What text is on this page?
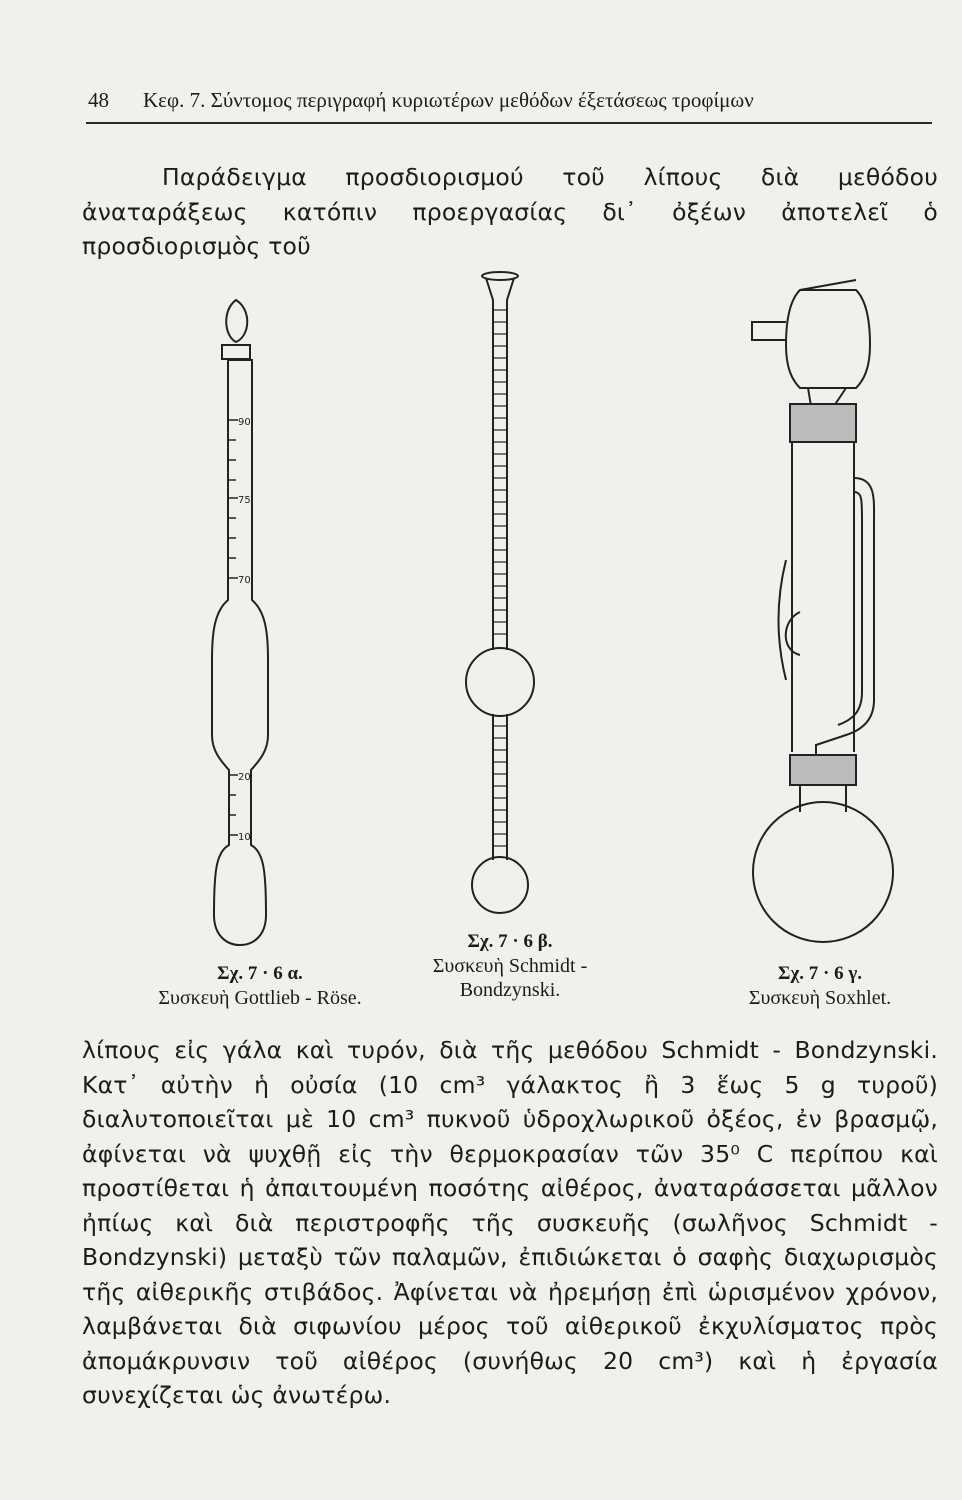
48 Κεφ. 7. Σύντομος περιγραφή κυριωτέρων μεθόδων έξετάσεως τροφίμων

Παράδειγμα προσδιορισμού τοῦ λίπους διὰ μεθόδου ἀναταράξεως κατόπιν προεργασίας δι᾽ ὀξέων ἀποτελεῖ ὁ προσδιορισμὸς τοῦ

90
75
70
20
10
Σχ. 7 · 6 α.
Συσκευὴ Gottlieb - Röse.
Σχ. 7 · 6 β.
Συσκευὴ Schmidt -
Bondzynski.
Σχ. 7 · 6 γ.
Συσκευὴ Soxhlet.

λίπους εἰς γάλα καὶ τυρόν, διὰ τῆς μεθόδου Schmidt - Bondzynski. Κατ᾽ αὐτὴν ἡ οὐσία (10 cm³ γάλακτος ἢ 3 ἕως 5 g τυροῦ) διαλυτοποιεῖται μὲ 10 cm³ πυκνοῦ ὑδροχλωρικοῦ ὀξέος, ἐν βρασμῷ, ἀφίνεται νὰ ψυχθῇ εἰς τὴν θερμοκρασίαν τῶν 35⁰ C περίπου καὶ προστίθεται ἡ ἀπαιτουμένη ποσότης αἰθέρος, ἀναταράσσεται μᾶλλον ἠπίως καὶ διὰ περιστροφῆς τῆς συσκευῆς (σωλῆνος Schmidt - Bondzynski) μεταξὺ τῶν παλαμῶν, ἐπιδιώκεται ὁ σαφὴς διαχωρισμὸς τῆς αἰθερικῆς στιβάδος. Ἀφίνεται νὰ ἠρεμήσῃ ἐπὶ ὡρισμένον χρόνον, λαμβάνεται διὰ σιφωνίου μέρος τοῦ αἰθερικοῦ ἐκχυλίσματος πρὸς ἀπομάκρυνσιν τοῦ αἰθέρος (συνήθως 20 cm³) καὶ ἡ ἐργασία συνεχίζεται ὡς ἀνωτέρω.
